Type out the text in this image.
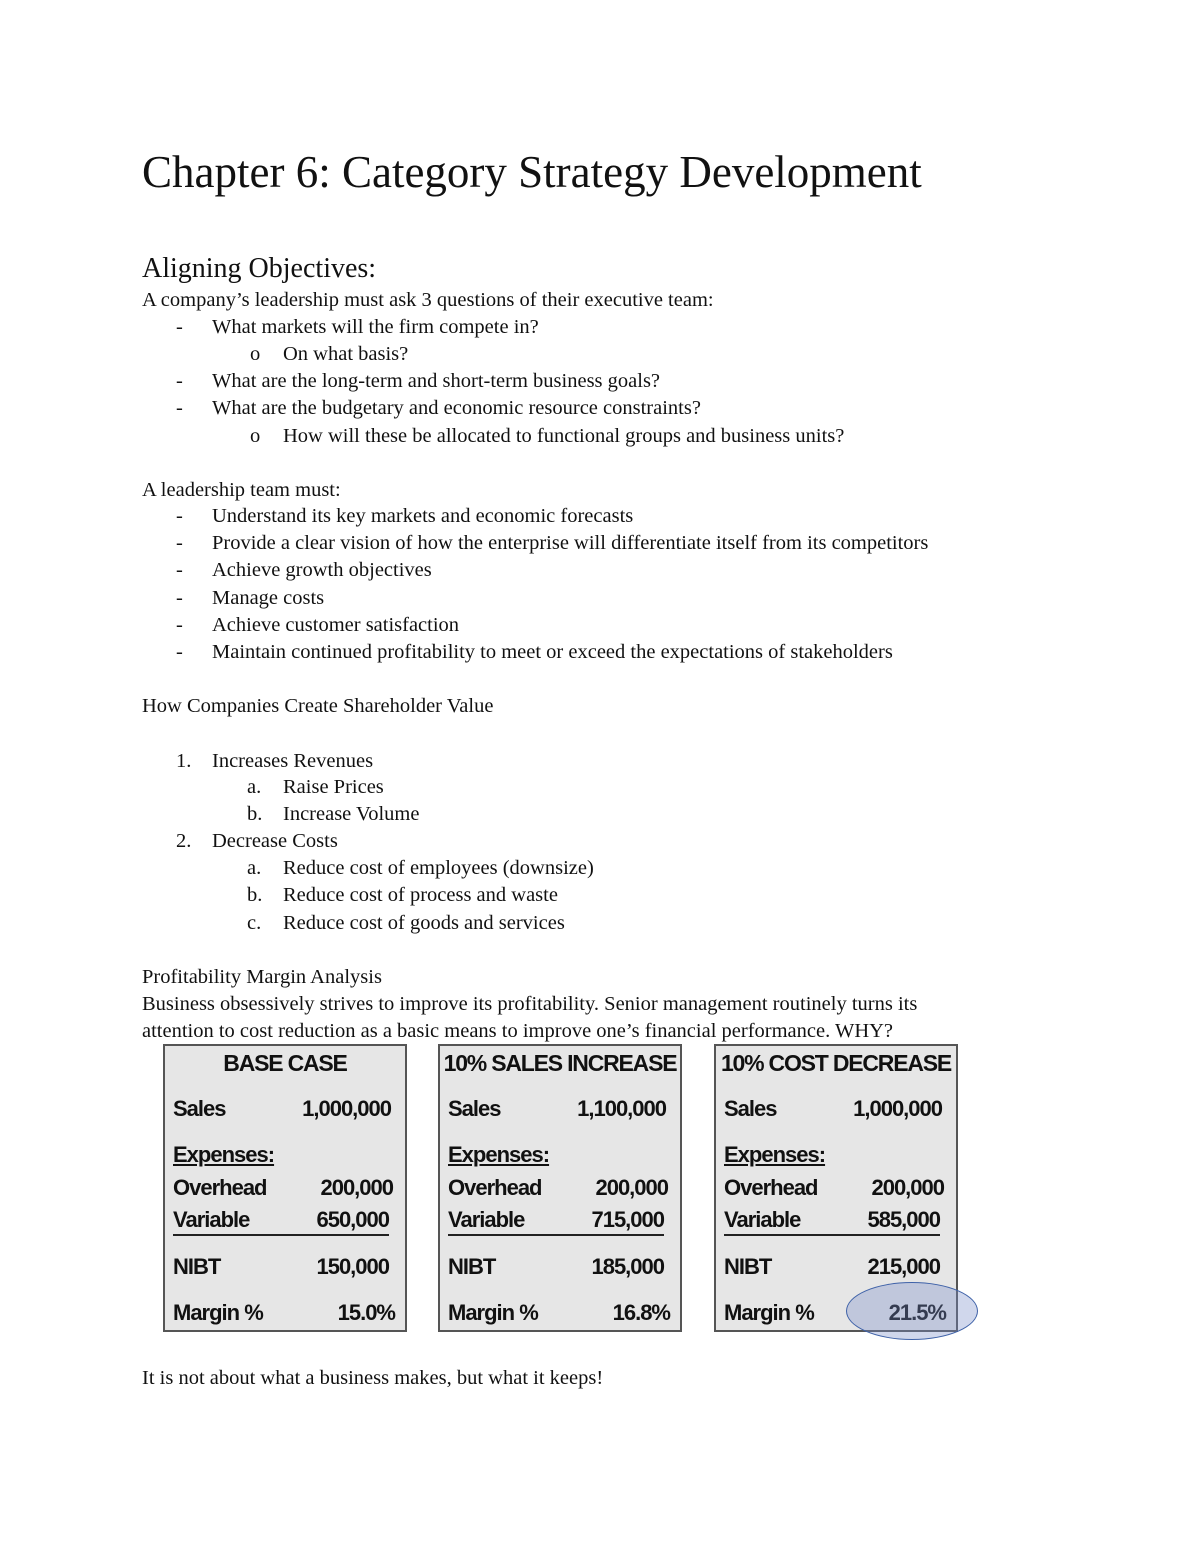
Chapter 6: Category Strategy Development
Aligning Objectives:
A company’s leadership must ask 3 questions of their executive team:
- What markets will the firm compete in?
o On what basis?
- What are the long-term and short-term business goals?
- What are the budgetary and economic resource constraints?
o How will these be allocated to functional groups and business units?
A leadership team must:
- Understand its key markets and economic forecasts
- Provide a clear vision of how the enterprise will differentiate itself from its competitors
- Achieve growth objectives
- Manage costs
- Achieve customer satisfaction
- Maintain continued profitability to meet or exceed the expectations of stakeholders
How Companies Create Shareholder Value
1. Increases Revenues
a. Raise Prices
b. Increase Volume
2. Decrease Costs
a. Reduce cost of employees (downsize)
b. Reduce cost of process and waste
c. Reduce cost of goods and services
Profitability Margin Analysis
Business obsessively strives to improve its profitability. Senior management routinely turns its
attention to cost reduction as a basic means to improve one’s financial performance. WHY?
BASE CASE
Sales	1,000,000
Expenses:
Overhead 200,000
Variable	650,000
NIBT	150,000
Margin %	15.0%
10% SALES INCREASE
Sales	1,100,000
Expenses:
Overhead 200,000
Variable	715,000
NIBT	185,000
Margin %	16.8%
10% COST DECREASE
Sales	1,000,000
Expenses:
Overhead 200,000
Variable	585,000
NIBT	215,000
Margin %	21.5%
It is not about what a business makes, but what it keeps!
